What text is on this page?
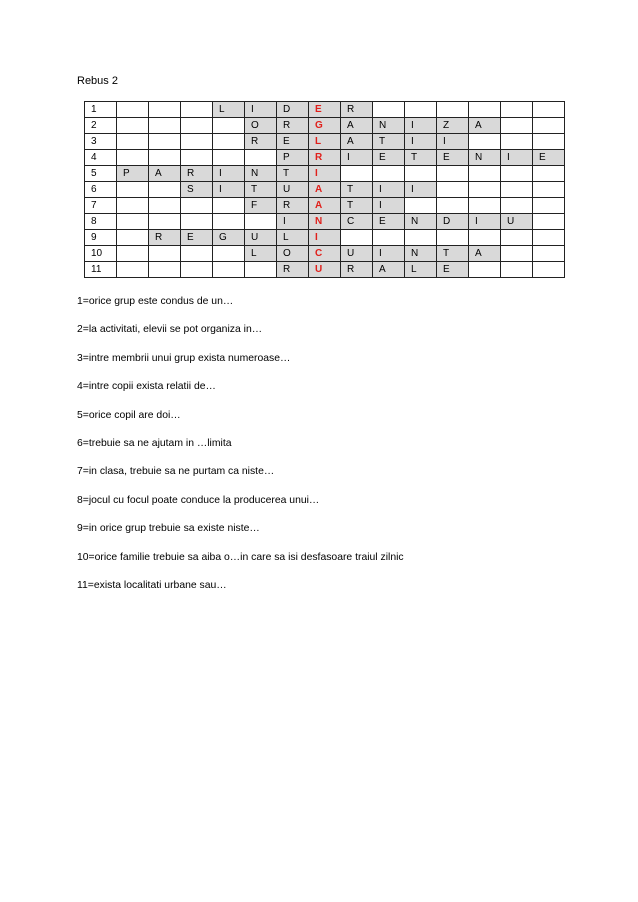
Rebus 2
1				L	I	D	E	R						
2					O	R	G	A	N	I	Z	A		
3					R	E	L	A	T	I	I			
4						P	R	I	E	T	E	N	I	E
5	P	A	R	I	N	T	I							
6			S	I	T	U	A	T	I	I				
7					F	R	A	T	I					
8						I	N	C	E	N	D	I	U	
9		R	E	G	U	L	I							
10					L	O	C	U	I	N	T	A		
11						R	U	R	A	L	E			
1=orice grup este condus de un…
2=la activitati, elevii se pot organiza in…
3=intre membrii unui grup exista numeroase…
4=intre copii exista relatii de…
5=orice copil are doi…
6=trebuie sa ne ajutam in …limita
7=in clasa, trebuie sa ne purtam ca niste…
8=jocul cu focul poate conduce la producerea unui…
9=in orice grup trebuie sa existe niste…
10=orice familie trebuie sa aiba o…in care sa isi desfasoare traiul zilnic
11=exista localitati urbane sau…
